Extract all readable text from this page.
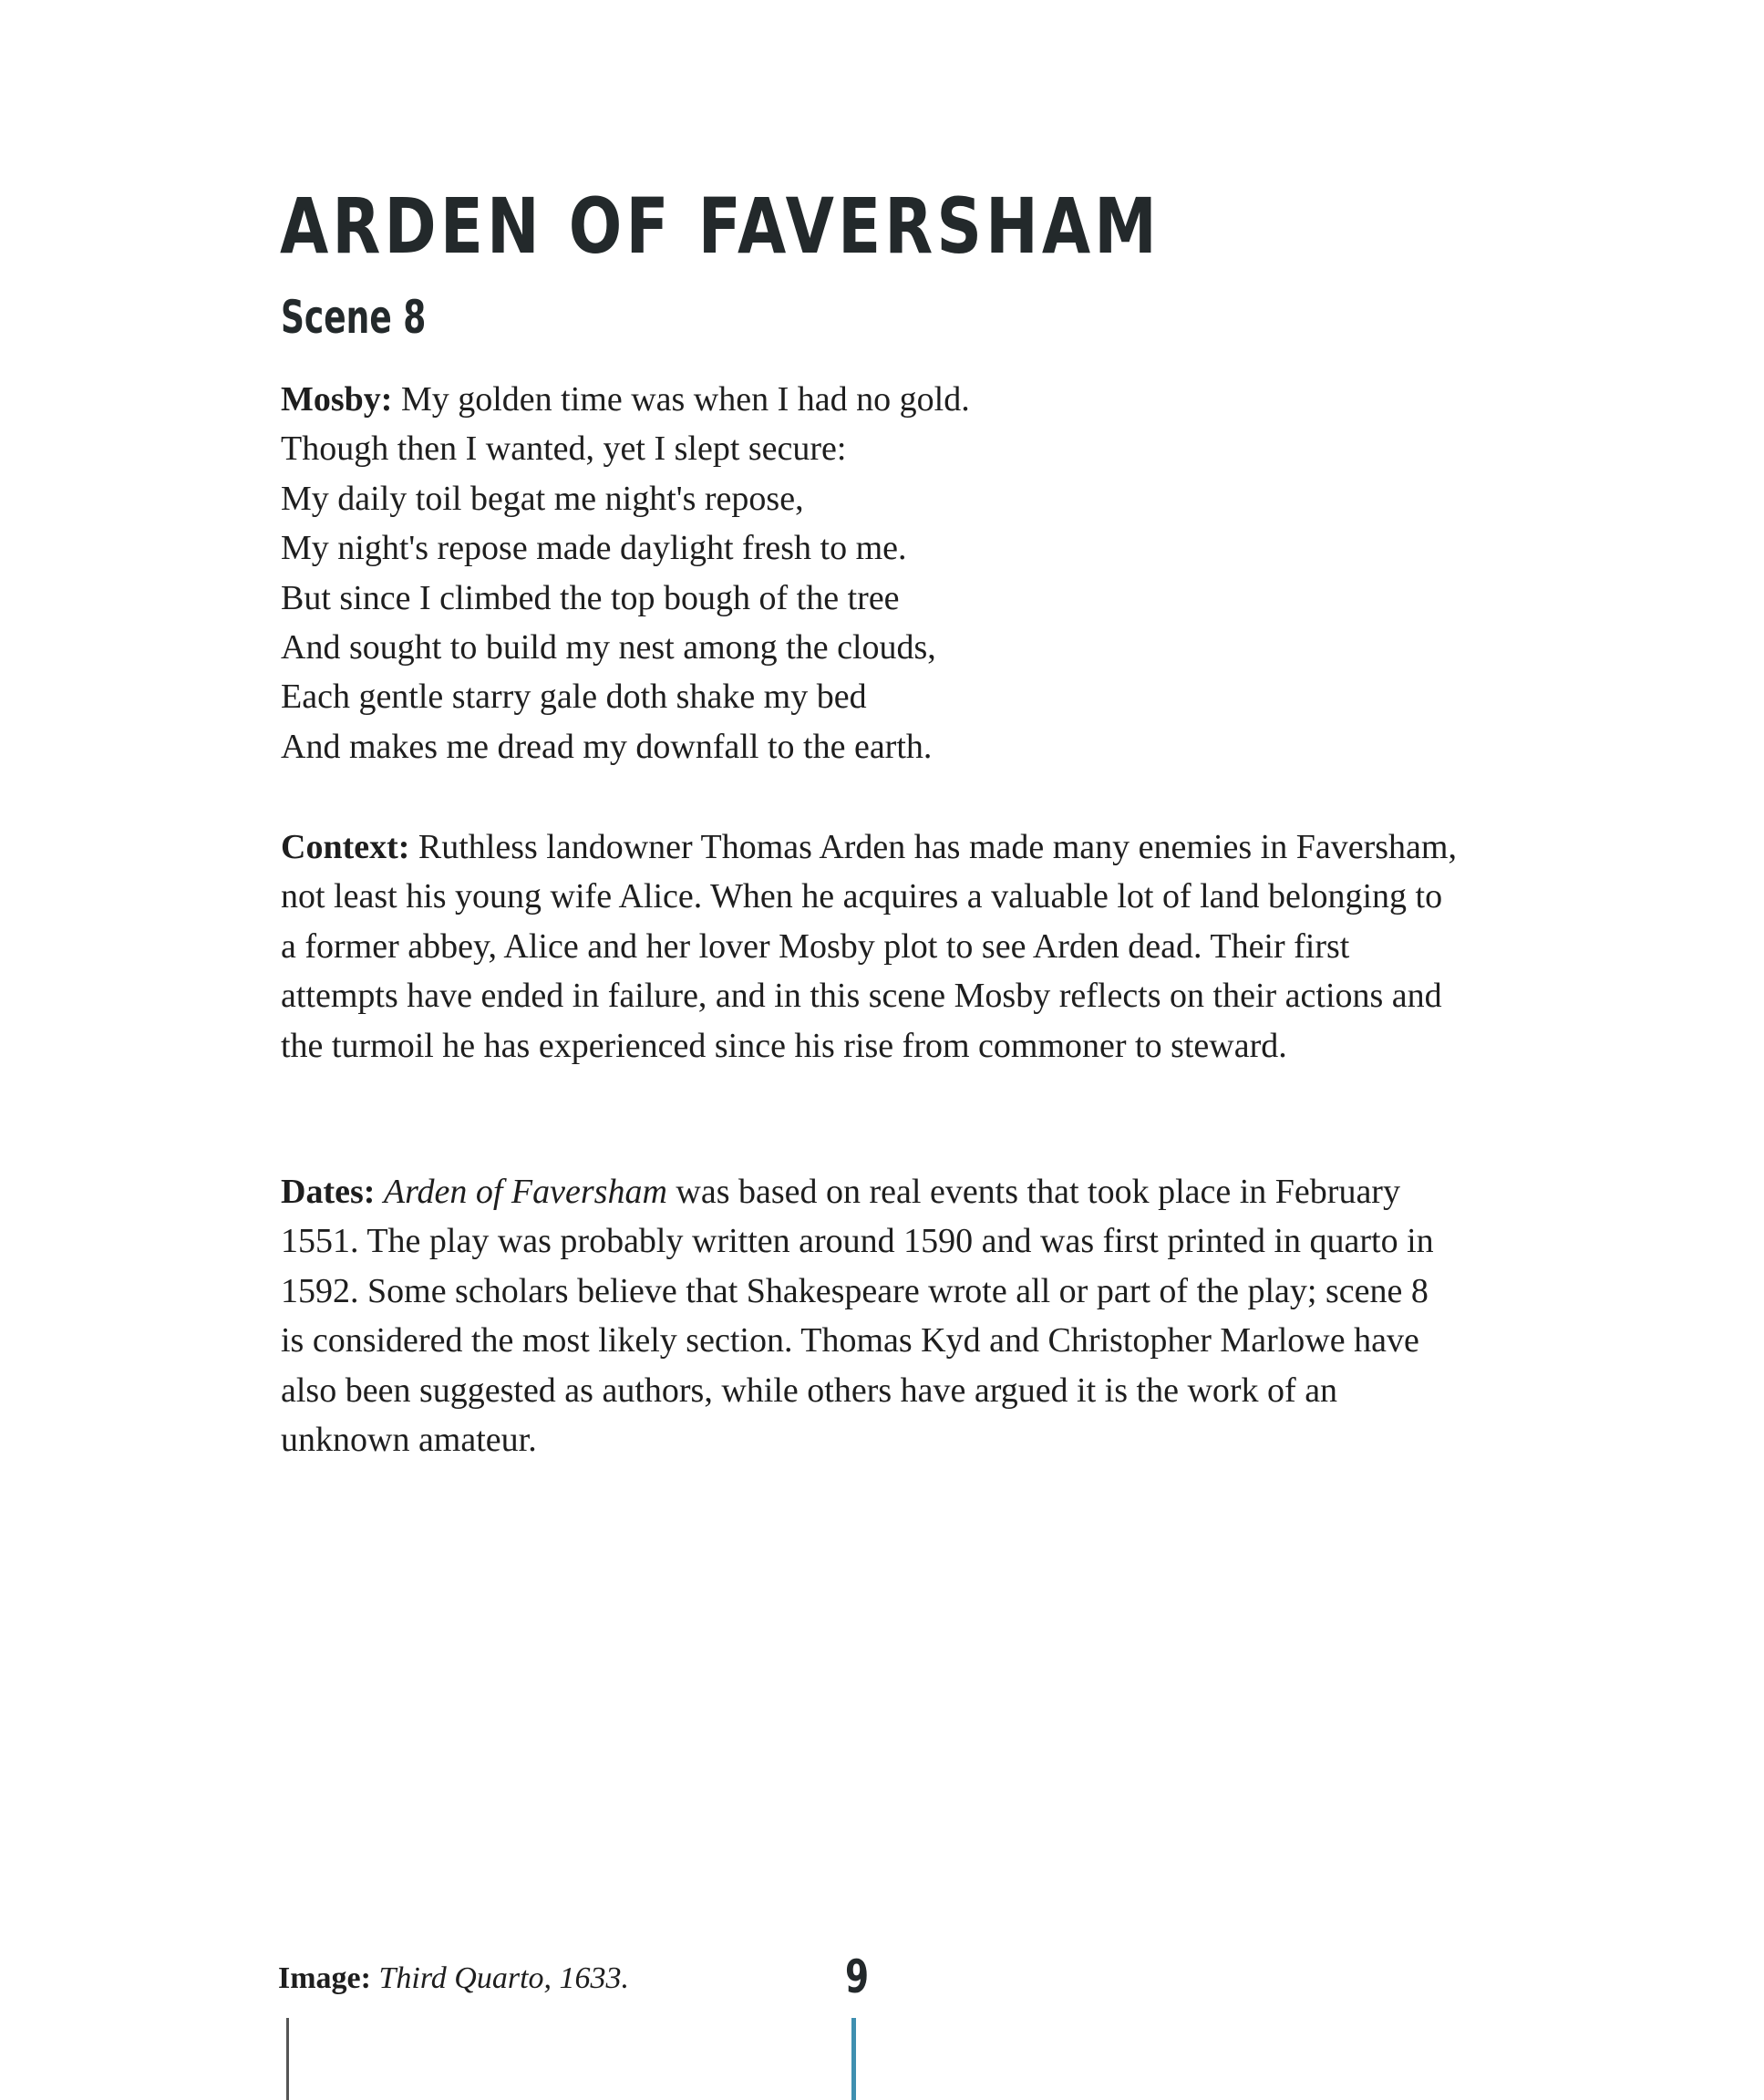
ARDEN OF FAVERSHAM
Scene 8
Mosby: My golden time was when I had no gold.
Though then I wanted, yet I slept secure:
My daily toil begat me night's repose,
My night's repose made daylight fresh to me.
But since I climbed the top bough of the tree
And sought to build my nest among the clouds,
Each gentle starry gale doth shake my bed
And makes me dread my downfall to the earth.

Context: Ruthless landowner Thomas Arden has made many enemies in Faversham, not least his young wife Alice. When he acquires a valuable lot of land belonging to a former abbey, Alice and her lover Mosby plot to see Arden dead. Their first attempts have ended in failure, and in this scene Mosby reflects on their actions and the turmoil he has experienced since his rise from commoner to steward.

Dates: Arden of Faversham was based on real events that took place in February 1551. The play was probably written around 1590 and was first printed in quarto in 1592. Some scholars believe that Shakespeare wrote all or part of the play; scene 8 is considered the most likely section. Thomas Kyd and Christopher Marlowe have also been suggested as authors, while others have argued it is the work of an unknown amateur.

Image: Third Quarto, 1633.	9
